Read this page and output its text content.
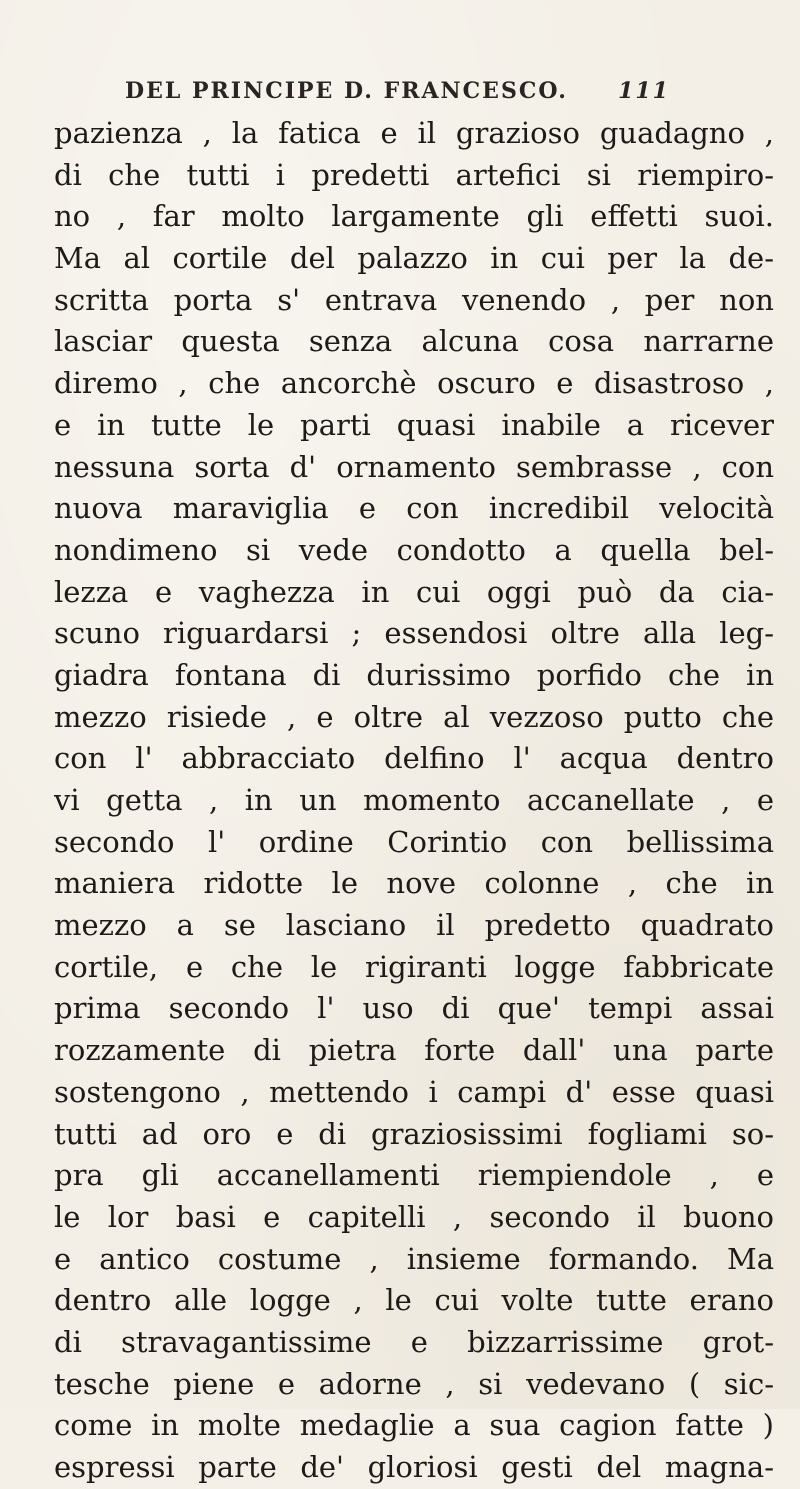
DEL PRINCIPE D. FRANCESCO. 111
pazienza , la fatica e il grazioso guadagno ,
di che tutti i predetti artefici si riempiro-
no , far molto largamente gli effetti suoi.
Ma al cortile del palazzo in cui per la de-
scritta porta s' entrava venendo , per non
lasciar questa senza alcuna cosa narrarne
diremo , che ancorchè oscuro e disastroso ,
e in tutte le parti quasi inabile a ricever
nessuna sorta d' ornamento sembrasse , con
nuova maraviglia e con incredibil velocità
nondimeno si vede condotto a quella bel-
lezza e vaghezza in cui oggi può da cia-
scuno riguardarsi ; essendosi oltre alla leg-
giadra fontana di durissimo porfido che in
mezzo risiede , e oltre al vezzoso putto che
con l' abbracciato delfino l' acqua dentro
vi getta , in un momento accanellate , e
secondo l' ordine Corintio con bellissima
maniera ridotte le nove colonne , che in
mezzo a se lasciano il predetto quadrato
cortile, e che le rigiranti logge fabbricate
prima secondo l' uso di que' tempi assai
rozzamente di pietra forte dall' una parte
sostengono , mettendo i campi d' esse quasi
tutti ad oro e di graziosissimi fogliami so-
pra gli accanellamenti riempiendole , e
le lor basi e capitelli , secondo il buono
e antico costume , insieme formando. Ma
dentro alle logge , le cui volte tutte erano
di stravagantissime e bizzarrissime grot-
tesche piene e adorne , si vedevano ( sic-
come in molte medaglie a sua cagion fatte )
espressi parte de' gloriosi gesti del magna-
